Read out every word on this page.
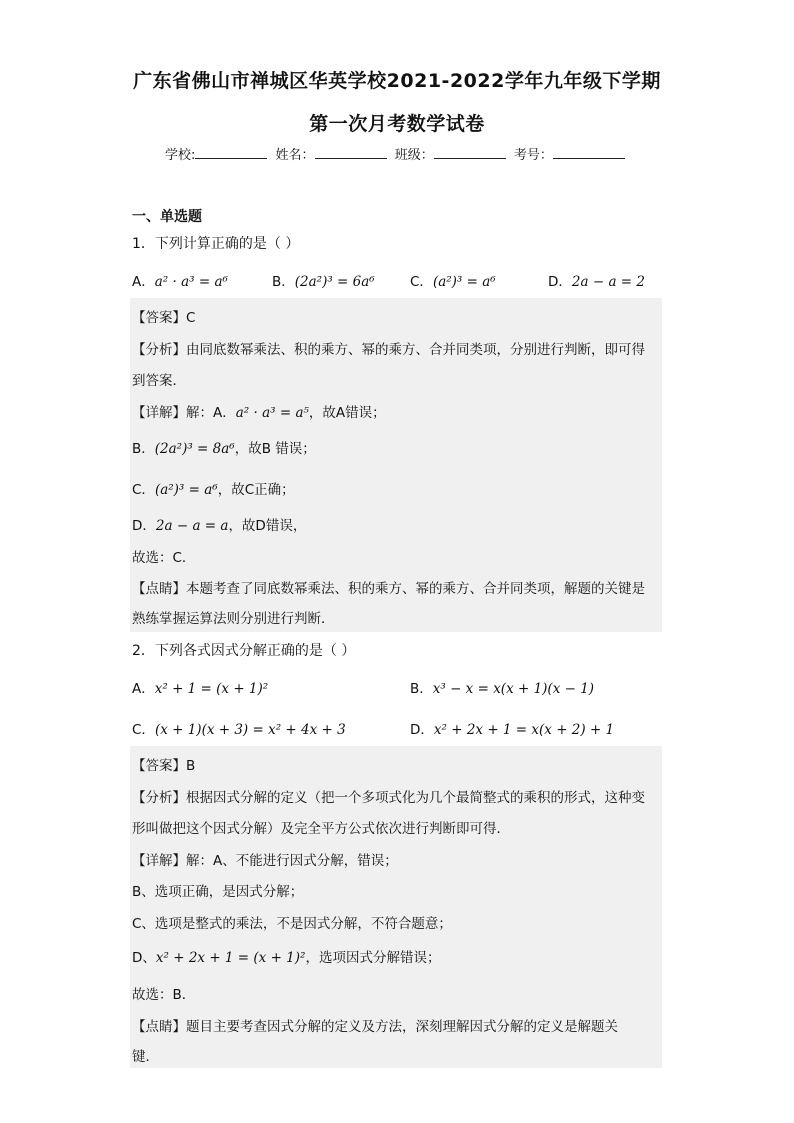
广东省佛山市禅城区华英学校2021-2022学年九年级下学期
第一次月考数学试卷
学校:	姓名：	班级：	考号：
一、单选题
1．下列计算正确的是（ ）
A．a² · a³ = a⁶	B．(2a²)³ = 6a⁶	C．(a²)³ = a⁶	D．2a − a = 2
【答案】C
【分析】由同底数幂乘法、积的乘方、幂的乘方、合并同类项，分别进行判断，即可得
到答案．
【详解】解：A．a² · a³ = a⁵，故A错误；
B．(2a²)³ = 8a⁶，故B 错误；
C．(a²)³ = a⁶，故C正确；
D．2a − a = a，故D错误，
故选：C．
【点睛】本题考查了同底数幂乘法、积的乘方、幂的乘方、合并同类项，解题的关键是
熟练掌握运算法则分别进行判断．
2．下列各式因式分解正确的是（ ）
A．x² + 1 = (x + 1)²	B．x³ − x = x(x + 1)(x − 1)
C．(x + 1)(x + 3) = x² + 4x + 3	D．x² + 2x + 1 = x(x + 2) + 1
【答案】B
【分析】根据因式分解的定义（把一个多项式化为几个最简整式的乘积的形式，这种变
形叫做把这个因式分解）及完全平方公式依次进行判断即可得．
【详解】解：A、不能进行因式分解，错误；
B、选项正确，是因式分解；
C、选项是整式的乘法，不是因式分解，不符合题意；
D、x² + 2x + 1 = (x + 1)²，选项因式分解错误；
故选：B．
【点睛】题目主要考查因式分解的定义及方法，深刻理解因式分解的定义是解题关
键．
